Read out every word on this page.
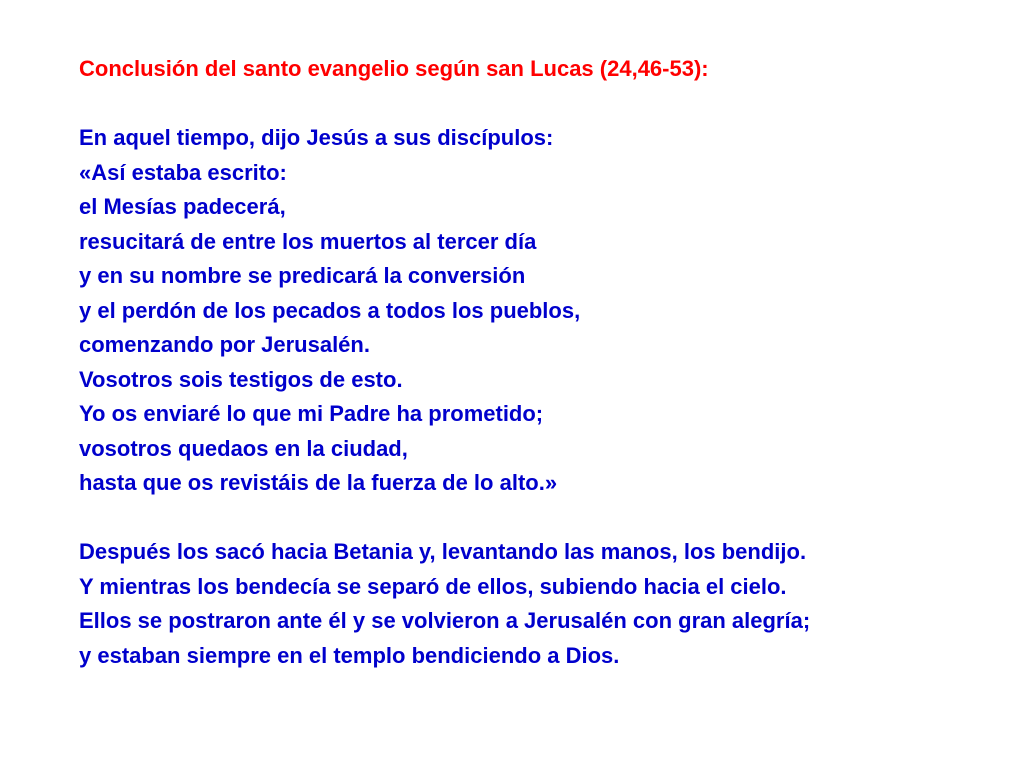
Conclusión del santo evangelio según san Lucas (24,46-53):

En aquel tiempo, dijo Jesús a sus discípulos:
«Así estaba escrito:
el Mesías padecerá,
resucitará de entre los muertos al tercer día
y en su nombre se predicará la conversión
y el perdón de los pecados a todos los pueblos,
comenzando por Jerusalén.
Vosotros sois testigos de esto.
Yo os enviaré lo que mi Padre ha prometido;
vosotros quedaos en la ciudad,
hasta que os revistáis de la fuerza de lo alto.»
Después los sacó hacia Betania y, levantando las manos, los bendijo.
Y mientras los bendecía se separó de ellos, subiendo hacia el cielo.
Ellos se postraron ante él y se volvieron a Jerusalén con gran alegría;
y estaban siempre en el templo bendiciendo a Dios.
